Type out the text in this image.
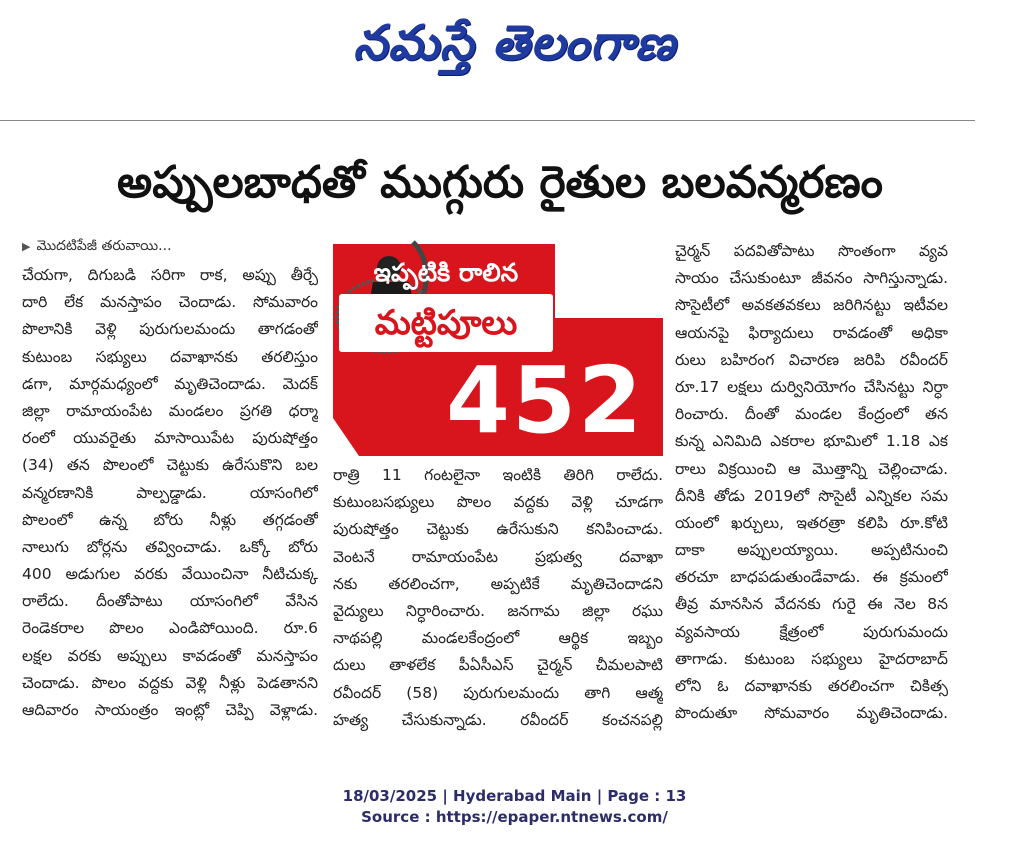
నమస్తే తెలంగాణ
అప్పులబాధతో ముగ్గురు రైతుల బలవన్మరణం
▶ మొదటిపేజీ తరువాయి...
చేయగా, దిగుబడి సరిగా రాక, అప్పు తీర్చే
దారి లేక మనస్తాపం చెందాడు. సోమవారం
పొలానికి వెళ్లి పురుగులమందు తాగడంతో
కుటుంబ సభ్యులు దవాఖానకు తరలిస్తుం
డగా, మార్గమధ్యంలో మృతిచెందాడు. మెదక్
జిల్లా రామాయంపేట మండలం ప్రగతి ధర్మా
రంలో యువరైతు మాసాయిపేట పురుషోత్తం
(34) తన పొలంలో చెట్టుకు ఉరేసుకొని బల
వన్మరణానికి పాల్పడ్డాడు. యాసంగిలో
పొలంలో ఉన్న బోరు నీళ్లు తగ్గడంతో
నాలుగు బోర్లను తవ్వించాడు. ఒక్కో బోరు
400 అడుగుల వరకు వేయించినా నీటిచుక్క
రాలేదు. దీంతోపాటు యాసంగిలో వేసిన
రెండెకరాల పొలం ఎండిపోయింది. రూ.6
లక్షల వరకు అప్పులు కావడంతో మనస్తాపం
చెందాడు. పొలం వద్దకు వెళ్లి నీళ్లు పెడతానని
ఆదివారం సాయంత్రం ఇంట్లో చెప్పి వెళ్లాడు.
ఇప్పటికి రాలిన
మట్టిపూలు
452
రాత్రి 11 గంటలైనా ఇంటికి తిరిగి రాలేదు.
కుటుంబసభ్యులు పొలం వద్దకు వెళ్లి చూడగా
పురుషోత్తం చెట్టుకు ఉరేసుకుని కనిపించాడు.
వెంటనే రామాయంపేట ప్రభుత్వ దవాఖా
నకు తరలించగా, అప్పటికే మృతిచెందాడని
వైద్యులు నిర్ధారించారు. జనగామ జిల్లా రఘు
నాథపల్లి మండలకేంద్రంలో ఆర్థిక ఇబ్బం
దులు తాళలేక పీఏసీఎస్ చైర్మన్ చీమలపాటి
రవీందర్ (58) పురుగులమందు తాగి ఆత్మ
హత్య చేసుకున్నాడు. రవీందర్ కంచనపల్లి
చైర్మన్ పదవితోపాటు సొంతంగా వ్యవ
సాయం చేసుకుంటూ జీవనం సాగిస్తున్నాడు.
సొసైటీలో అవకతవకలు జరిగినట్టు ఇటీవల
ఆయనపై ఫిర్యాదులు రావడంతో అధికా
రులు బహిరంగ విచారణ జరిపి రవీందర్
రూ.17 లక్షలు దుర్వినియోగం చేసినట్టు నిర్ధా
రించారు. దీంతో మండల కేంద్రంలో తన
కున్న ఎనిమిది ఎకరాల భూమిలో 1.18 ఎక
రాలు విక్రయించి ఆ మొత్తాన్ని చెల్లించాడు.
దీనికి తోడు 2019లో సొసైటీ ఎన్నికల సమ
యంలో ఖర్చులు, ఇతరత్రా కలిపి రూ.కోటి
దాకా అప్పులయ్యాయి. అప్పటినుంచి
తరచూ బాధపడుతుండేవాడు. ఈ క్రమంలో
తీవ్ర మానసిన వేదనకు గురై ఈ నెల 8న
వ్యవసాయ క్షేత్రంలో పురుగుమందు
తాగాడు. కుటుంబ సభ్యులు హైదరాబాద్
లోని ఓ దవాఖానకు తరలించగా చికిత్స
పొందుతూ సోమవారం మృతిచెందాడు.
18/03/2025 | Hyderabad Main | Page : 13
Source : https://epaper.ntnews.com/
